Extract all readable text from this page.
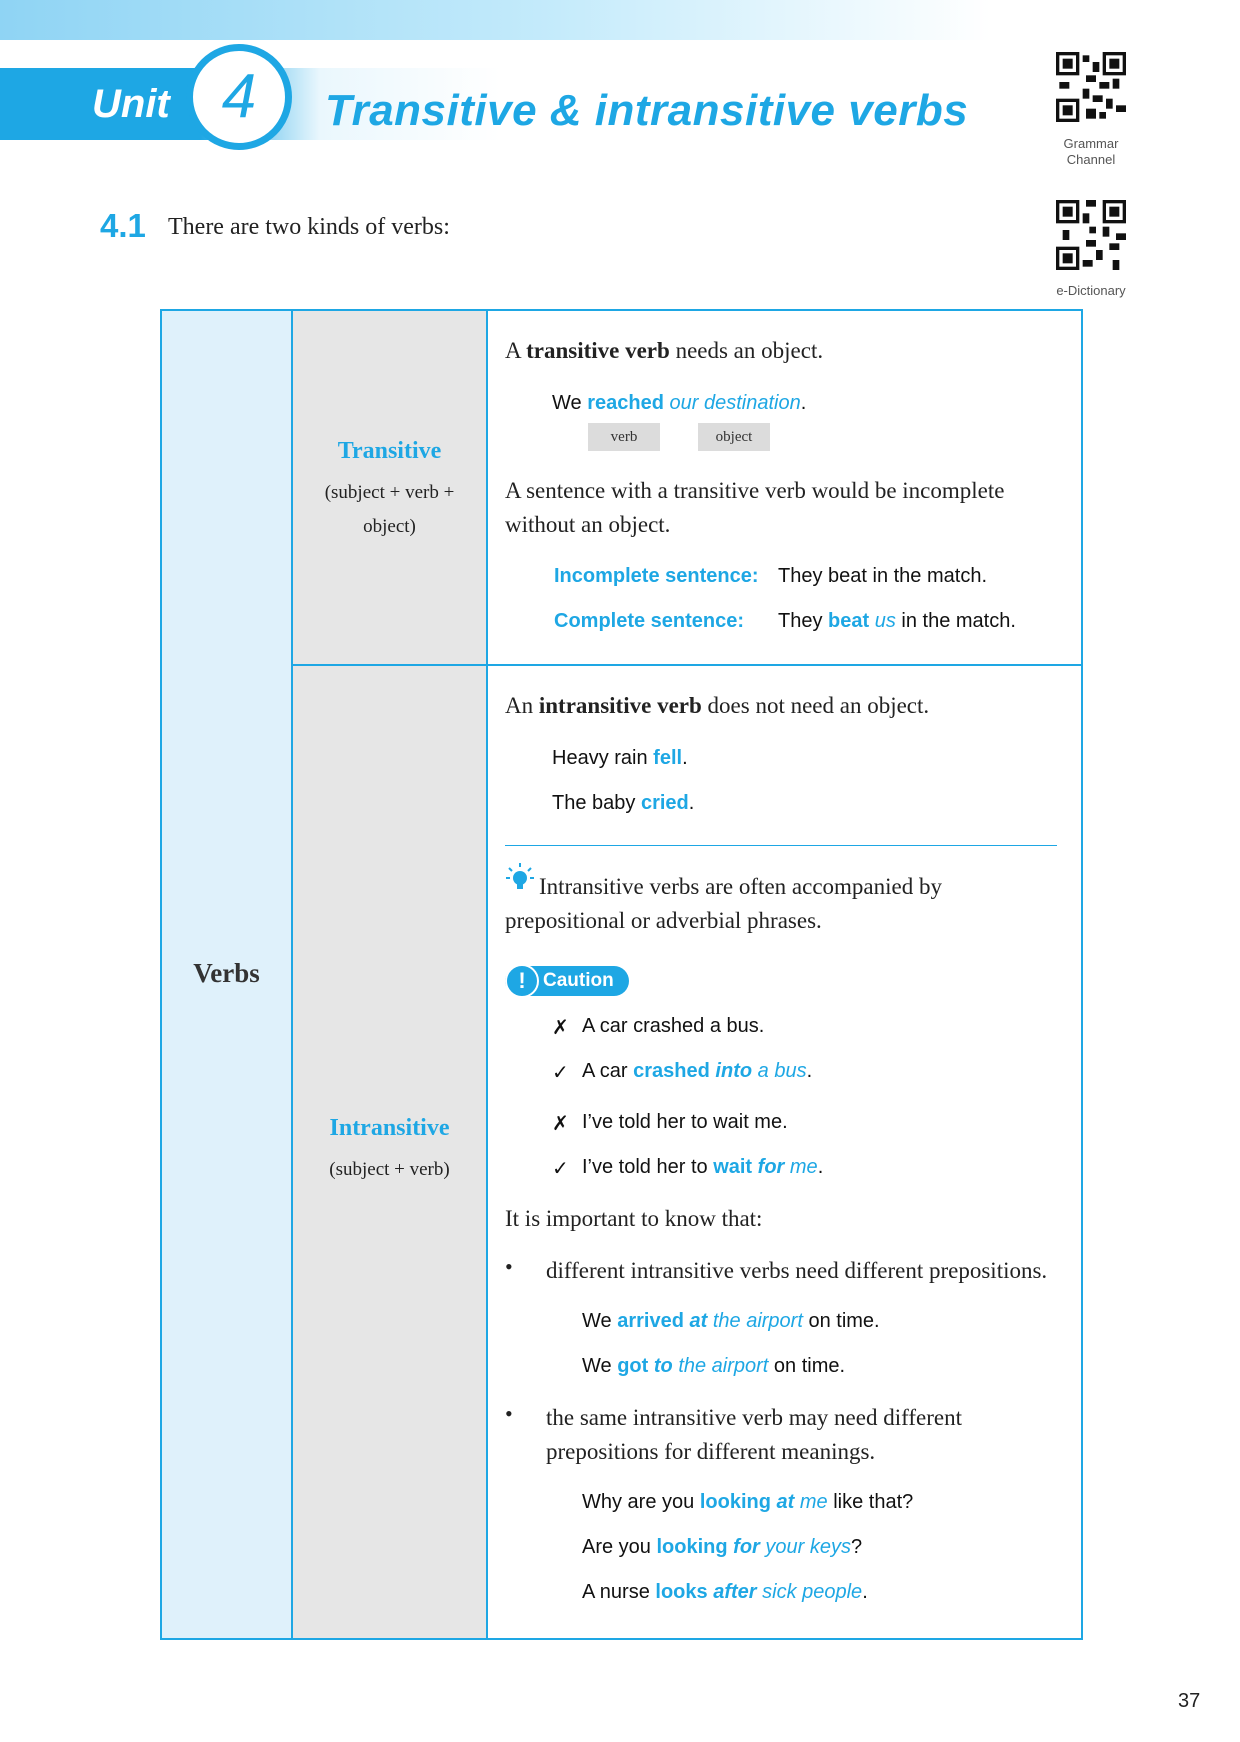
Unit 4 Transitive & intransitive verbs
Grammar
Channel
e-Dictionary
4.1 There are two kinds of verbs:
Verbs
Transitive
(subject + verb +
object)
Intransitive
(subject + verb)
A transitive verb needs an object.
We reached our destination.
verb	object
A sentence with a transitive verb would be incomplete
without an object.
Incomplete sentence: They beat in the match.
Complete sentence: They beat us in the match.
An intransitive verb does not need an object.
Heavy rain fell.
The baby cried.
Intransitive verbs are often accompanied by
prepositional or adverbial phrases.
! Caution
✗ A car crashed a bus.
✓ A car crashed into a bus.
✗ I’ve told her to wait me.
✓ I’ve told her to wait for me.
It is important to know that:
• different intransitive verbs need different prepositions.
We arrived at the airport on time.
We got to the airport on time.
• the same intransitive verb may need different
prepositions for different meanings.
Why are you looking at me like that?
Are you looking for your keys?
A nurse looks after sick people.
37
